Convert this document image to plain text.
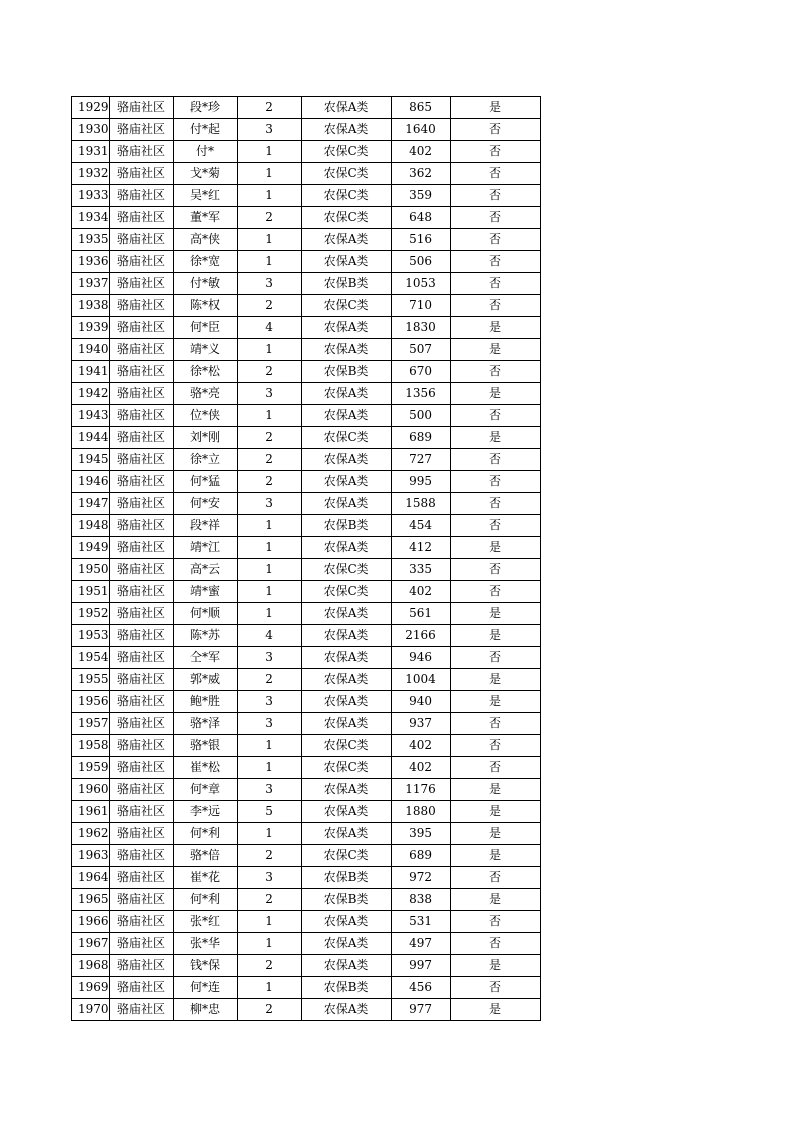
1929	骆庙社区	段*珍	2	农保A类	865	是
1930	骆庙社区	付*起	3	农保A类	1640	否
1931	骆庙社区	付*	1	农保C类	402	否
1932	骆庙社区	戈*菊	1	农保C类	362	否
1933	骆庙社区	吴*红	1	农保C类	359	否
1934	骆庙社区	董*军	2	农保C类	648	否
1935	骆庙社区	高*侠	1	农保A类	516	否
1936	骆庙社区	徐*宽	1	农保A类	506	否
1937	骆庙社区	付*敏	3	农保B类	1053	否
1938	骆庙社区	陈*权	2	农保C类	710	否
1939	骆庙社区	何*臣	4	农保A类	1830	是
1940	骆庙社区	靖*义	1	农保A类	507	是
1941	骆庙社区	徐*松	2	农保B类	670	否
1942	骆庙社区	骆*亮	3	农保A类	1356	是
1943	骆庙社区	位*侠	1	农保A类	500	否
1944	骆庙社区	刘*刚	2	农保C类	689	是
1945	骆庙社区	徐*立	2	农保A类	727	否
1946	骆庙社区	何*猛	2	农保A类	995	否
1947	骆庙社区	何*安	3	农保A类	1588	否
1948	骆庙社区	段*祥	1	农保B类	454	否
1949	骆庙社区	靖*江	1	农保A类	412	是
1950	骆庙社区	高*云	1	农保C类	335	否
1951	骆庙社区	靖*蜜	1	农保C类	402	否
1952	骆庙社区	何*顺	1	农保A类	561	是
1953	骆庙社区	陈*苏	4	农保A类	2166	是
1954	骆庙社区	仝*军	3	农保A类	946	否
1955	骆庙社区	郭*威	2	农保A类	1004	是
1956	骆庙社区	鲍*胜	3	农保A类	940	是
1957	骆庙社区	骆*泽	3	农保A类	937	否
1958	骆庙社区	骆*银	1	农保C类	402	否
1959	骆庙社区	崔*松	1	农保C类	402	否
1960	骆庙社区	何*章	3	农保A类	1176	是
1961	骆庙社区	李*远	5	农保A类	1880	是
1962	骆庙社区	何*利	1	农保A类	395	是
1963	骆庙社区	骆*倍	2	农保C类	689	是
1964	骆庙社区	崔*花	3	农保B类	972	否
1965	骆庙社区	何*利	2	农保B类	838	是
1966	骆庙社区	张*红	1	农保A类	531	否
1967	骆庙社区	张*华	1	农保A类	497	否
1968	骆庙社区	钱*保	2	农保A类	997	是
1969	骆庙社区	何*连	1	农保B类	456	否
1970	骆庙社区	柳*忠	2	农保A类	977	是
